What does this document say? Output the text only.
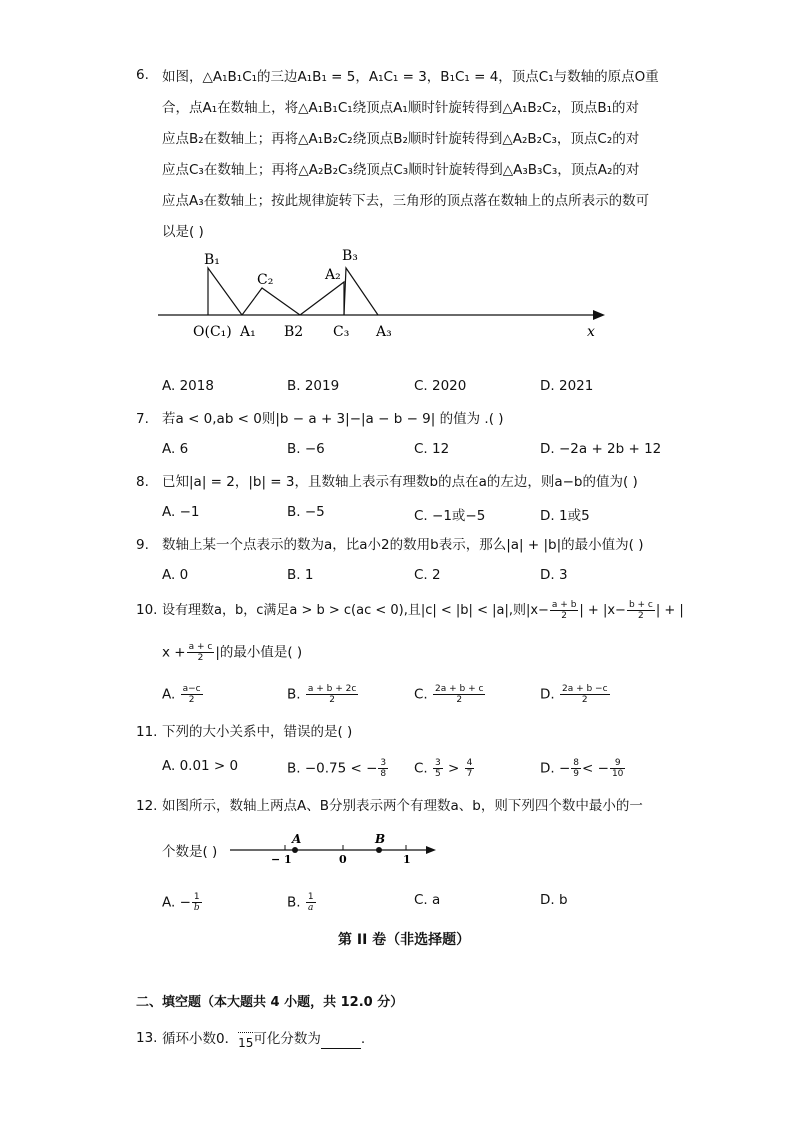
6. 如图，△A₁B₁C₁的三边A₁B₁ = 5，A₁C₁ = 3，B₁C₁ = 4，顶点C₁与数轴的原点O重
合，点A₁在数轴上，将△A₁B₁C₁绕顶点A₁顺时针旋转得到△A₁B₂C₂，顶点B₁的对
应点B₂在数轴上；再将△A₁B₂C₂绕顶点B₂顺时针旋转得到△A₂B₂C₃，顶点C₂的对
应点C₃在数轴上；再将△A₂B₂C₃绕顶点C₃顺时针旋转得到△A₃B₃C₃，顶点A₂的对
应点A₃在数轴上；按此规律旋转下去，三角形的顶点落在数轴上的点所表示的数可
以是( )
B₁
C₂	A₂
B₃
O(C₁) A₁ B2 C₃ A₃	x
A. 2018	B. 2019	C. 2020	D. 2021
7. 若a < 0,ab < 0则|b − a + 3|−|a − b − 9| 的值为 .( )
A. 6	B. −6	C. 12	D. −2a + 2b + 12
8. 已知|a| = 2，|b| = 3，且数轴上表示有理数b的点在a的左边，则a−b的值为( )
A. −1	B. −5	C. −1或−5	D. 1或5
9. 数轴上某一个点表示的数为a，比a小2的数用b表示，那么|a| + |b|的最小值为( )
A. 0	B. 1	C. 2	D. 3
10. 设有理数a，b，c满足a > b > c(ac < 0),且|c| < |b| < |a|,则$|x- \frac{a + b}{2}$ | + $|x- \frac{b + c}{2}$ | + |
$x + \frac{a + c}{2}$ |的最小值是( )
A. $\frac{a-c}{2}$	B. $\frac{a + b + 2c}{2}$	C. $\frac{2a + b + c}{2}$	D. $\frac{2a + b -c}{2}$
11. 下列的大小关系中，错误的是( )
A. 0.01 > 0	B. −0.75 < − $\frac{3}{8} C$. $\frac{3}{5} > \frac{4}{7}$	D. − $\frac{8}{9}$ < − $\frac{9}{10}$
12. 如图所示，数轴上两点A、B分别表示两个有理数a、b，则下列四个数中最小的一
个数是( )
A	B
− 1	0	1
A. − $\frac{1}{b}$	B. $\frac{1}{a}$	C. a	D. b
第 II 卷（非选择题）
二、填空题（本大题共 4 小题，共 12.0 分）
13. 循环小数0．15可化分数为	.
